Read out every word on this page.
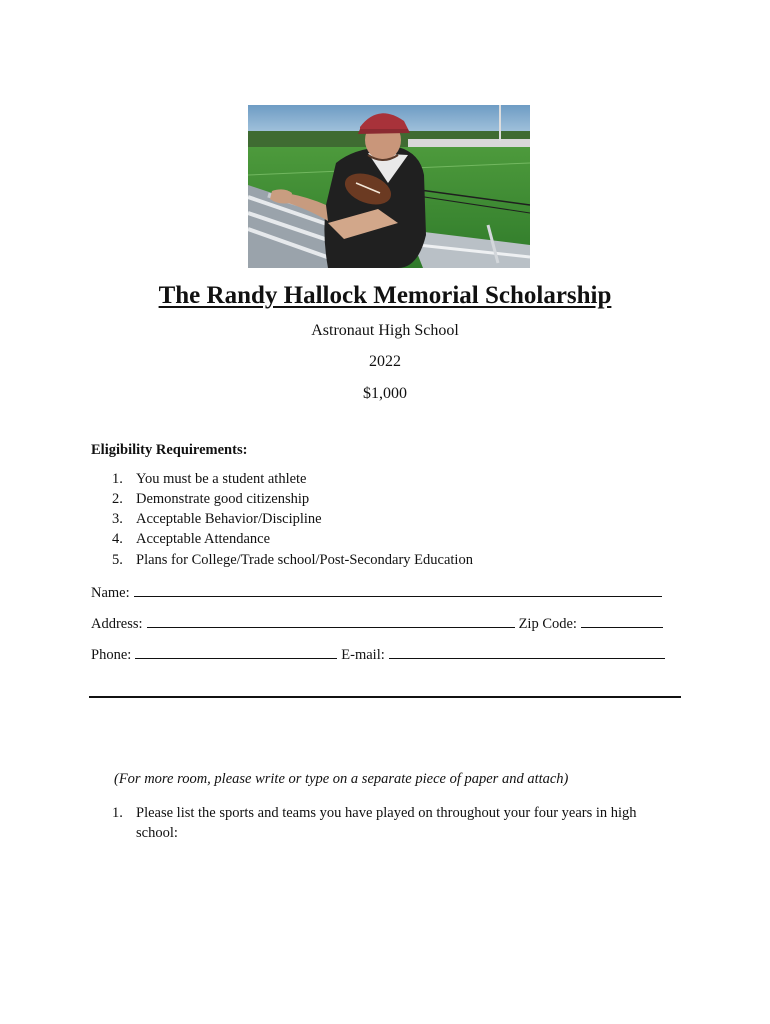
The Randy Hallock Memorial Scholarship
Astronaut High School
2022
$1,000
Eligibility Requirements:
1. You must be a student athlete
2. Demonstrate good citizenship
3. Acceptable Behavior/Discipline
4. Acceptable Attendance
5. Plans for College/Trade school/Post-Secondary Education
Name:
Address:	Zip Code:
Phone:	E-mail:
(For more room, please write or type on a separate piece of paper and attach)
1. Please list the sports and teams you have played on throughout your four years in high school:
